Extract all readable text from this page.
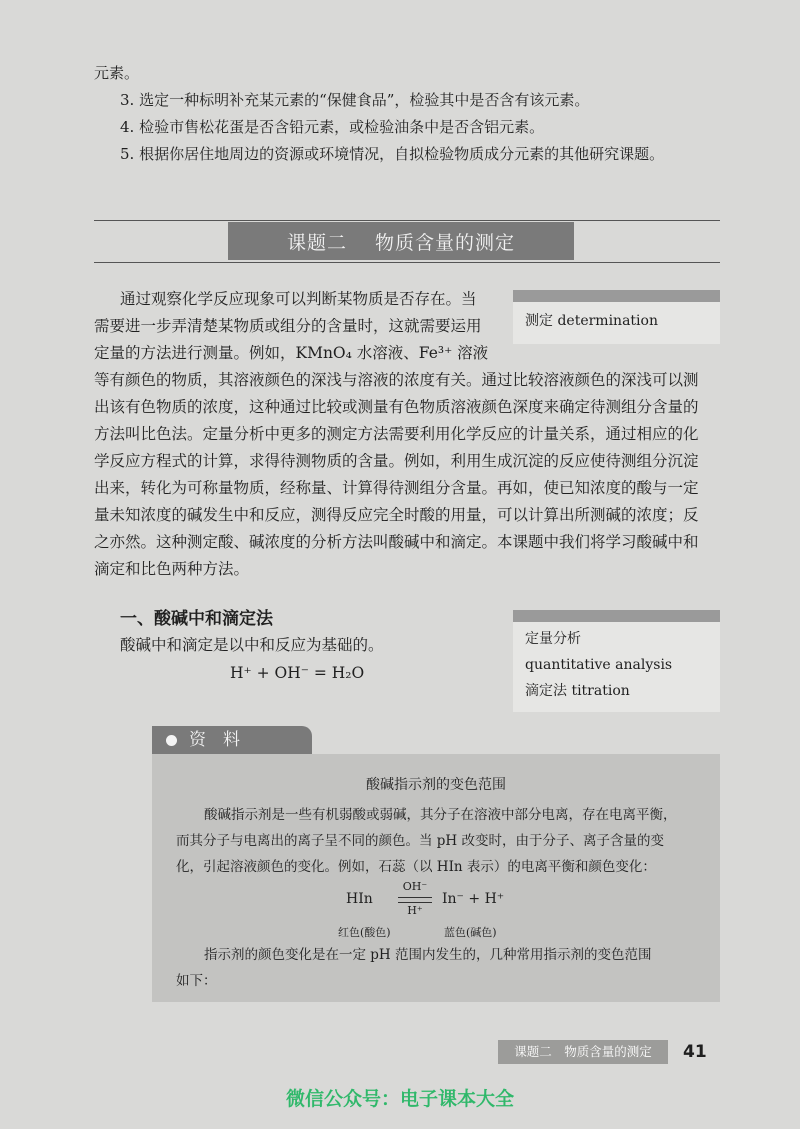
元素。
3. 选定一种标明补充某元素的“保健食品”，检验其中是否含有该元素。
4. 检验市售松花蛋是否含铅元素，或检验油条中是否含铝元素。
5. 根据你居住地周边的资源或环境情况，自拟检验物质成分元素的其他研究课题。
课题二 物质含量的测定
测定 determination
通过观察化学反应现象可以判断某物质是否存在。当
需要进一步弄清楚某物质或组分的含量时，这就需要运用
定量的方法进行测量。例如，KMnO₄ 水溶液、Fe³⁺ 溶液
等有颜色的物质，其溶液颜色的深浅与溶液的浓度有关。通过比较溶液颜色的深浅可以测
出该有色物质的浓度，这种通过比较或测量有色物质溶液颜色深度来确定待测组分含量的
方法叫比色法。定量分析中更多的测定方法需要利用化学反应的计量关系，通过相应的化
学反应方程式的计算，求得待测物质的含量。例如，利用生成沉淀的反应使待测组分沉淀
出来，转化为可称量物质，经称量、计算得待测组分含量。再如，使已知浓度的酸与一定
量未知浓度的碱发生中和反应，测得反应完全时酸的用量，可以计算出所测碱的浓度；反
之亦然。这种测定酸、碱浓度的分析方法叫酸碱中和滴定。本课题中我们将学习酸碱中和
滴定和比色两种方法。
一、酸碱中和滴定法
酸碱中和滴定是以中和反应为基础的。
H⁺ + OH⁻ = H₂O
定量分析
quantitative analysis
滴定法 titration
资　料
酸碱指示剂的变色范围
酸碱指示剂是一些有机弱酸或弱碱，其分子在溶液中部分电离，存在电离平衡，
而其分子与电离出的离子呈不同的颜色。当 pH 改变时，由于分子、离子含量的变
化，引起溶液颜色的变化。例如，石蕊（以 HIn 表示）的电离平衡和颜色变化：
HIn
OH⁻
H⁺
In⁻ + H⁺
红色(酸色)	蓝色(碱色)
指示剂的颜色变化是在一定 pH 范围内发生的，几种常用指示剂的变色范围
如下：
课题二　物质含量的测定	41
微信公众号：电子课本大全
